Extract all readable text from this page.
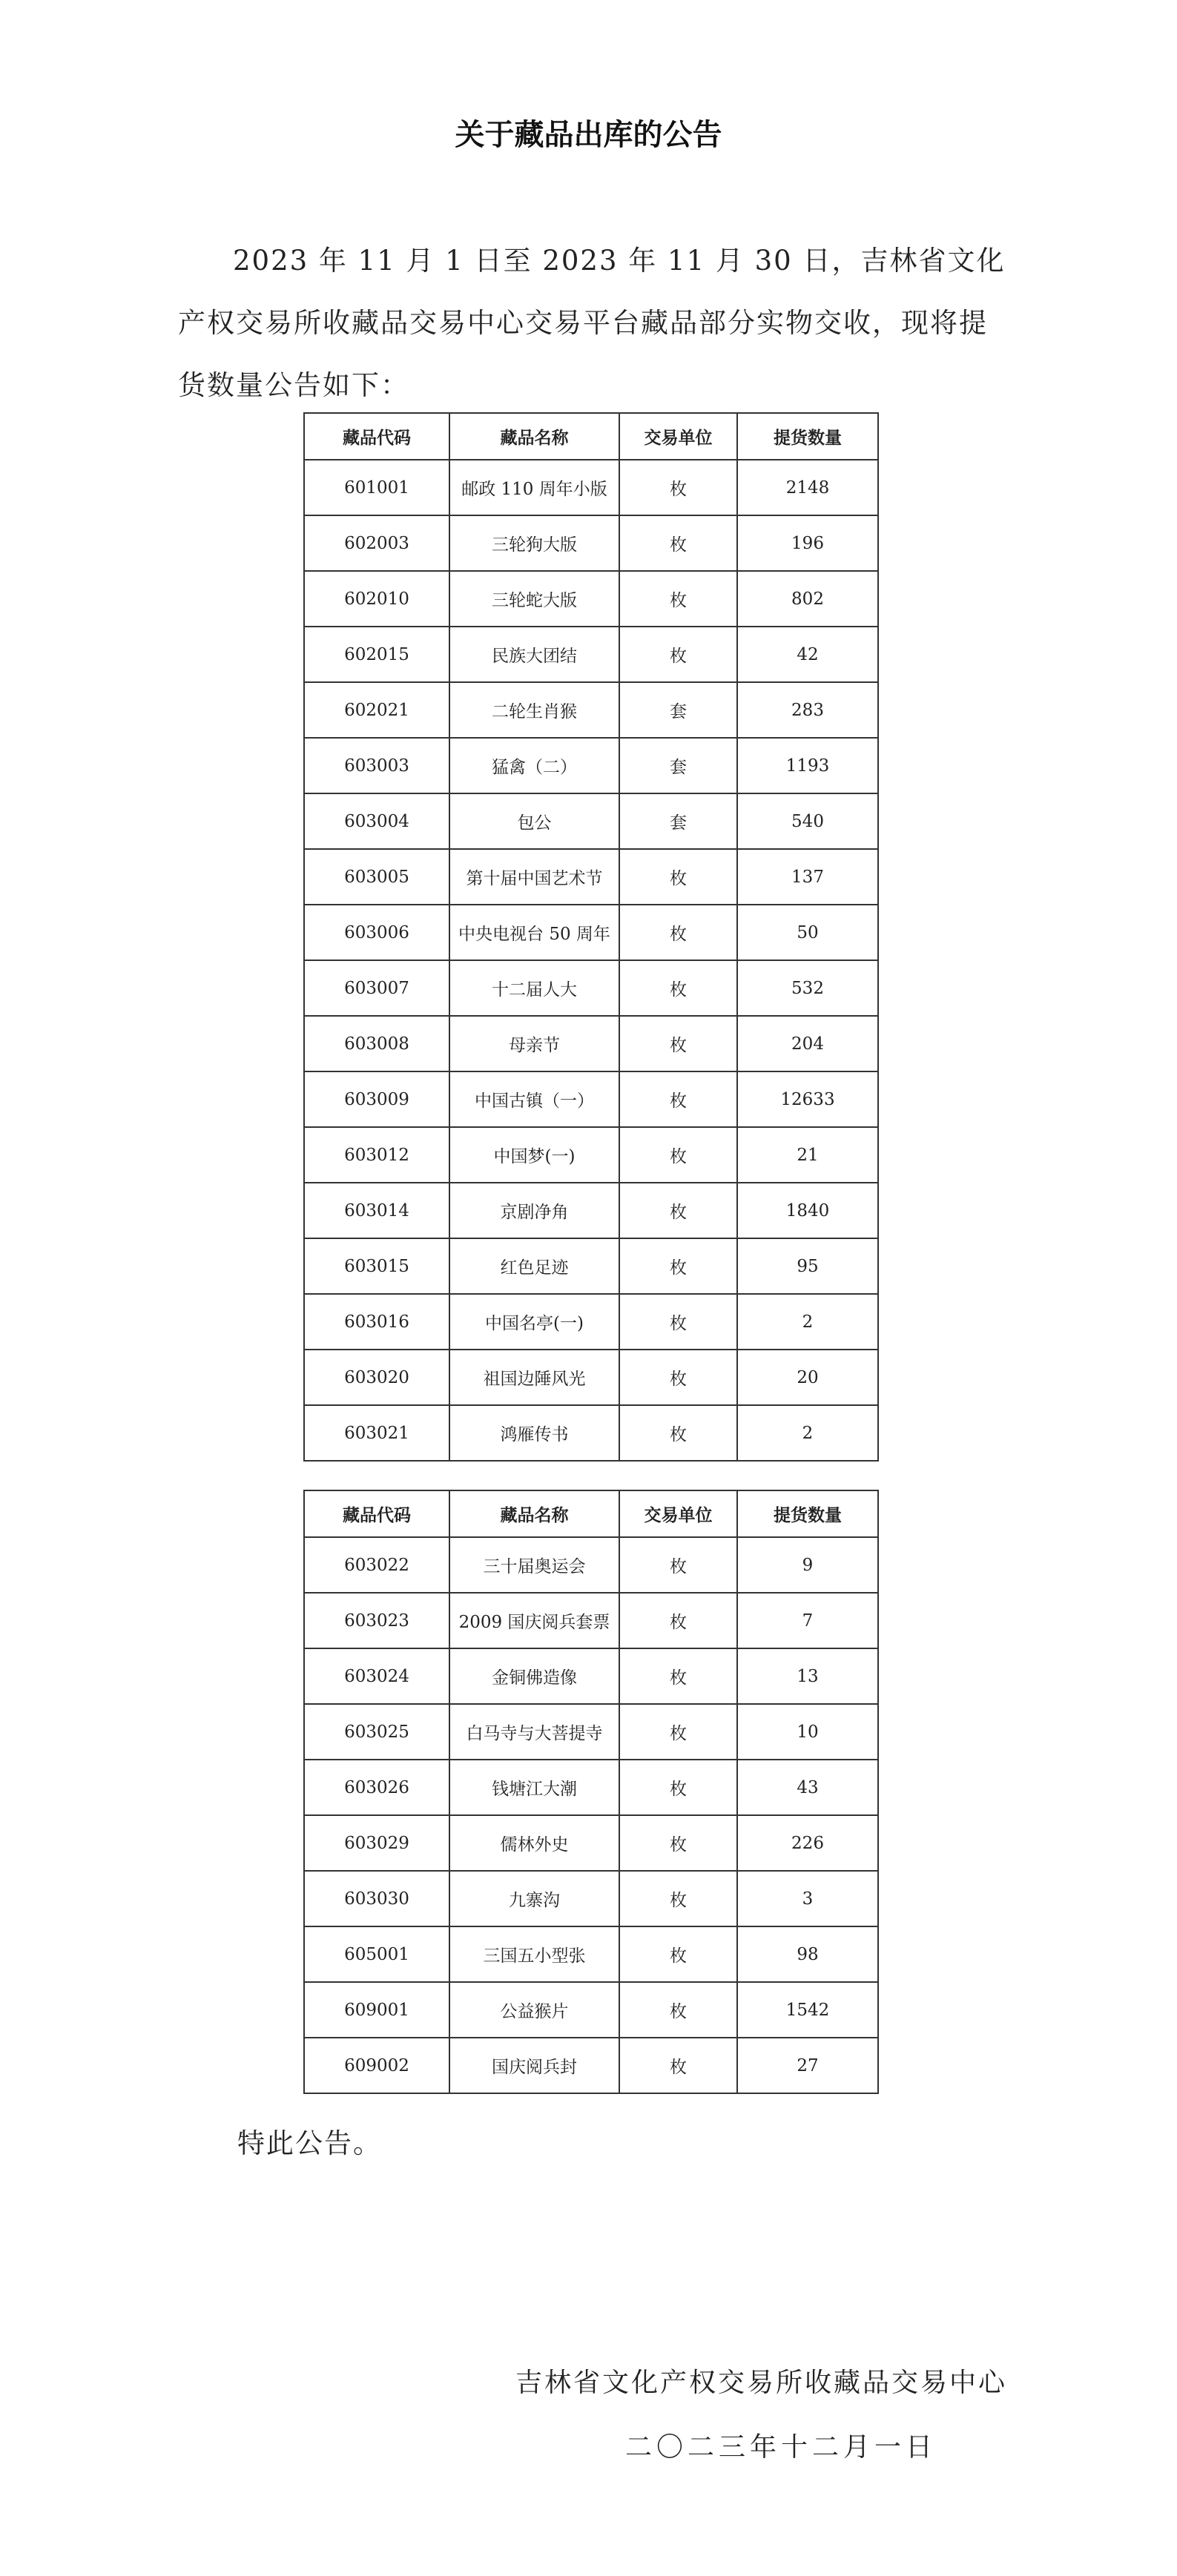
关于藏品出库的公告
2023 年 11 月 1 日至 2023 年 11 月 30 日，吉林省文化产权交易所收藏品交易中心交易平台藏品部分实物交收，现将提货数量公告如下：
藏品代码	藏品名称	交易单位	提货数量
601001	邮政 110 周年小版	枚	2148
602003	三轮狗大版	枚	196
602010	三轮蛇大版	枚	802
602015	民族大团结	枚	42
602021	二轮生肖猴	套	283
603003	猛禽（二）	套	1193
603004	包公	套	540
603005	第十届中国艺术节	枚	137
603006	中央电视台 50 周年	枚	50
603007	十二届人大	枚	532
603008	母亲节	枚	204
603009	中国古镇（一）	枚	12633
603012	中国梦(一)	枚	21
603014	京剧净角	枚	1840
603015	红色足迹	枚	95
603016	中国名亭(一)	枚	2
603020	祖国边陲风光	枚	20
603021	鸿雁传书	枚	2
藏品代码	藏品名称	交易单位	提货数量
603022	三十届奥运会	枚	9
603023	2009 国庆阅兵套票	枚	7
603024	金铜佛造像	枚	13
603025	白马寺与大菩提寺	枚	10
603026	钱塘江大潮	枚	43
603029	儒林外史	枚	226
603030	九寨沟	枚	3
605001	三国五小型张	枚	98
609001	公益猴片	枚	1542
609002	国庆阅兵封	枚	27
特此公告。
吉林省文化产权交易所收藏品交易中心
二〇二三年十二月一日
